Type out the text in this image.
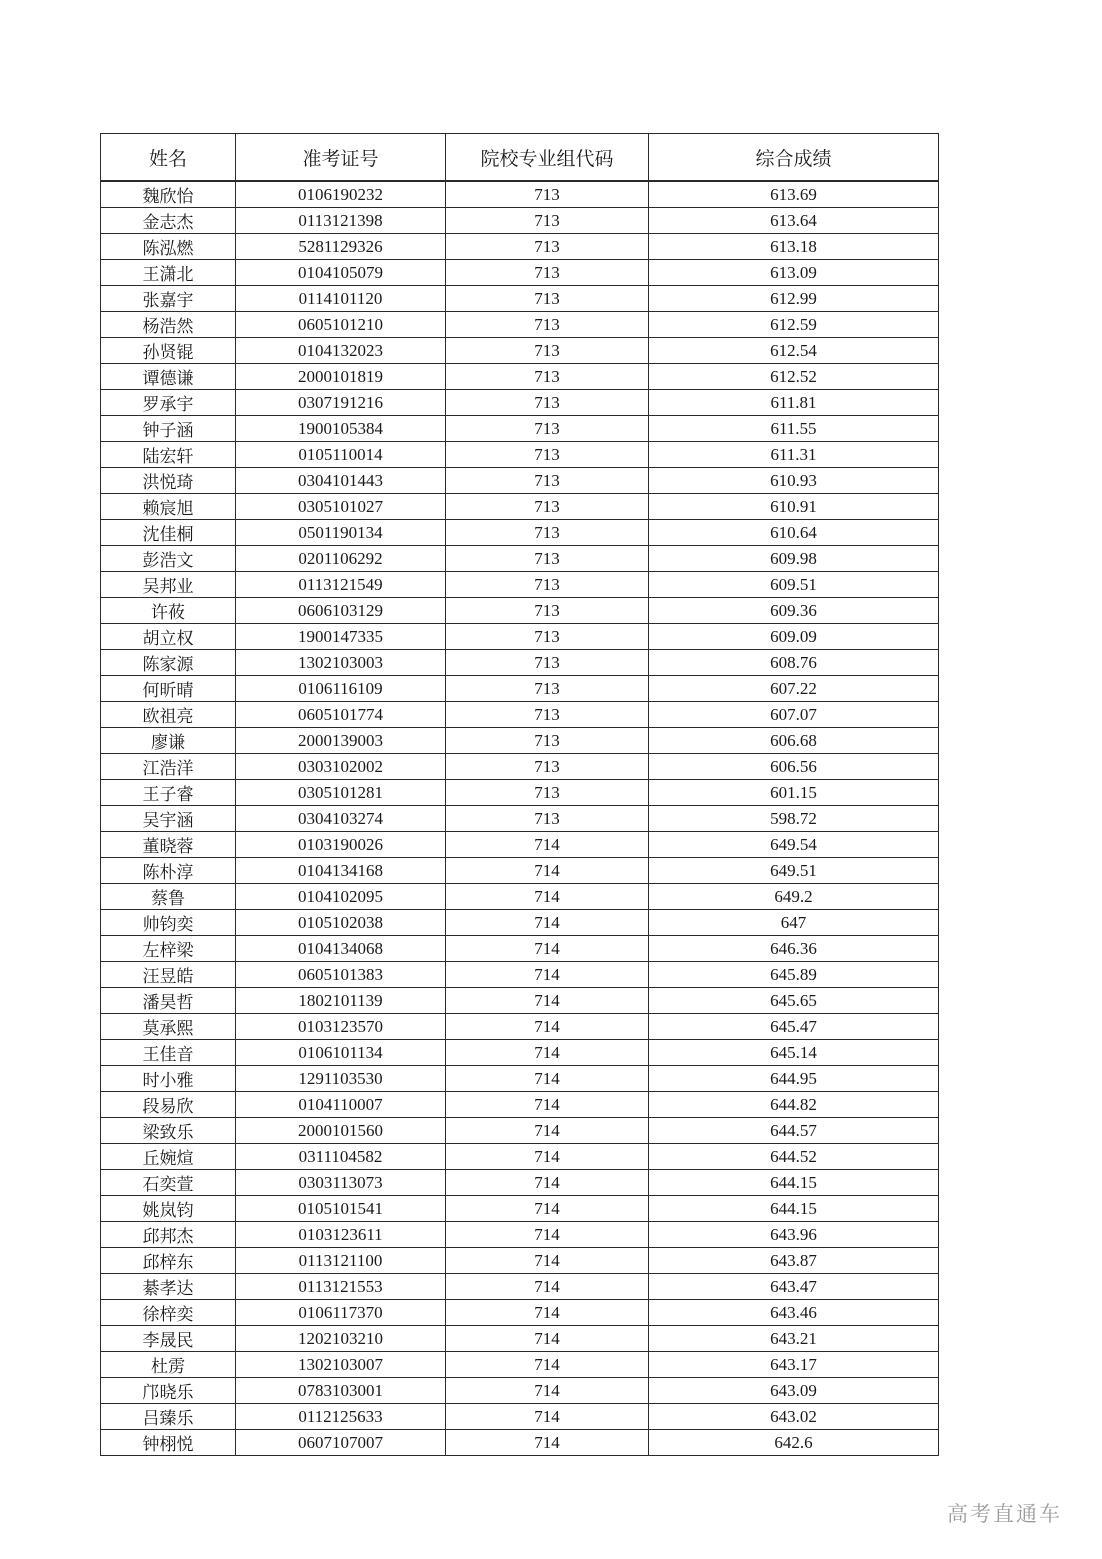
姓名	准考证号	院校专业组代码	综合成绩
魏欣怡	0106190232	713	613.69
金志杰	0113121398	713	613.64
陈泓燃	5281129326	713	613.18
王潇北	0104105079	713	613.09
张嘉宇	0114101120	713	612.99
杨浩然	0605101210	713	612.59
孙贤锟	0104132023	713	612.54
谭德谦	2000101819	713	612.52
罗承宇	0307191216	713	611.81
钟子涵	1900105384	713	611.55
陆宏轩	0105110014	713	611.31
洪悦琦	0304101443	713	610.93
赖宸旭	0305101027	713	610.91
沈佳桐	0501190134	713	610.64
彭浩文	0201106292	713	609.98
吴邦业	0113121549	713	609.51
许莜	0606103129	713	609.36
胡立权	1900147335	713	609.09
陈家源	1302103003	713	608.76
何昕晴	0106116109	713	607.22
欧祖亮	0605101774	713	607.07
廖谦	2000139003	713	606.68
江浩洋	0303102002	713	606.56
王子睿	0305101281	713	601.15
吴宇涵	0304103274	713	598.72
董晓蓉	0103190026	714	649.54
陈朴淳	0104134168	714	649.51
蔡鲁	0104102095	714	649.2
帅钧奕	0105102038	714	647
左梓梁	0104134068	714	646.36
汪昱皓	0605101383	714	645.89
潘昊哲	1802101139	714	645.65
莫承熙	0103123570	714	645.47
王佳音	0106101134	714	645.14
时小雅	1291103530	714	644.95
段易欣	0104110007	714	644.82
梁致乐	2000101560	714	644.57
丘婉煊	0311104582	714	644.52
石奕萱	0303113073	714	644.15
姚岚钧	0105101541	714	644.15
邱邦杰	0103123611	714	643.96
邱梓东	0113121100	714	643.87
綦孝达	0113121553	714	643.47
徐梓奕	0106117370	714	643.46
李晟民	1202103210	714	643.21
杜雳	1302103007	714	643.17
邝晓乐	0783103001	714	643.09
吕臻乐	0112125633	714	643.02
钟栩悦	0607107007	714	642.6
高考直通车
